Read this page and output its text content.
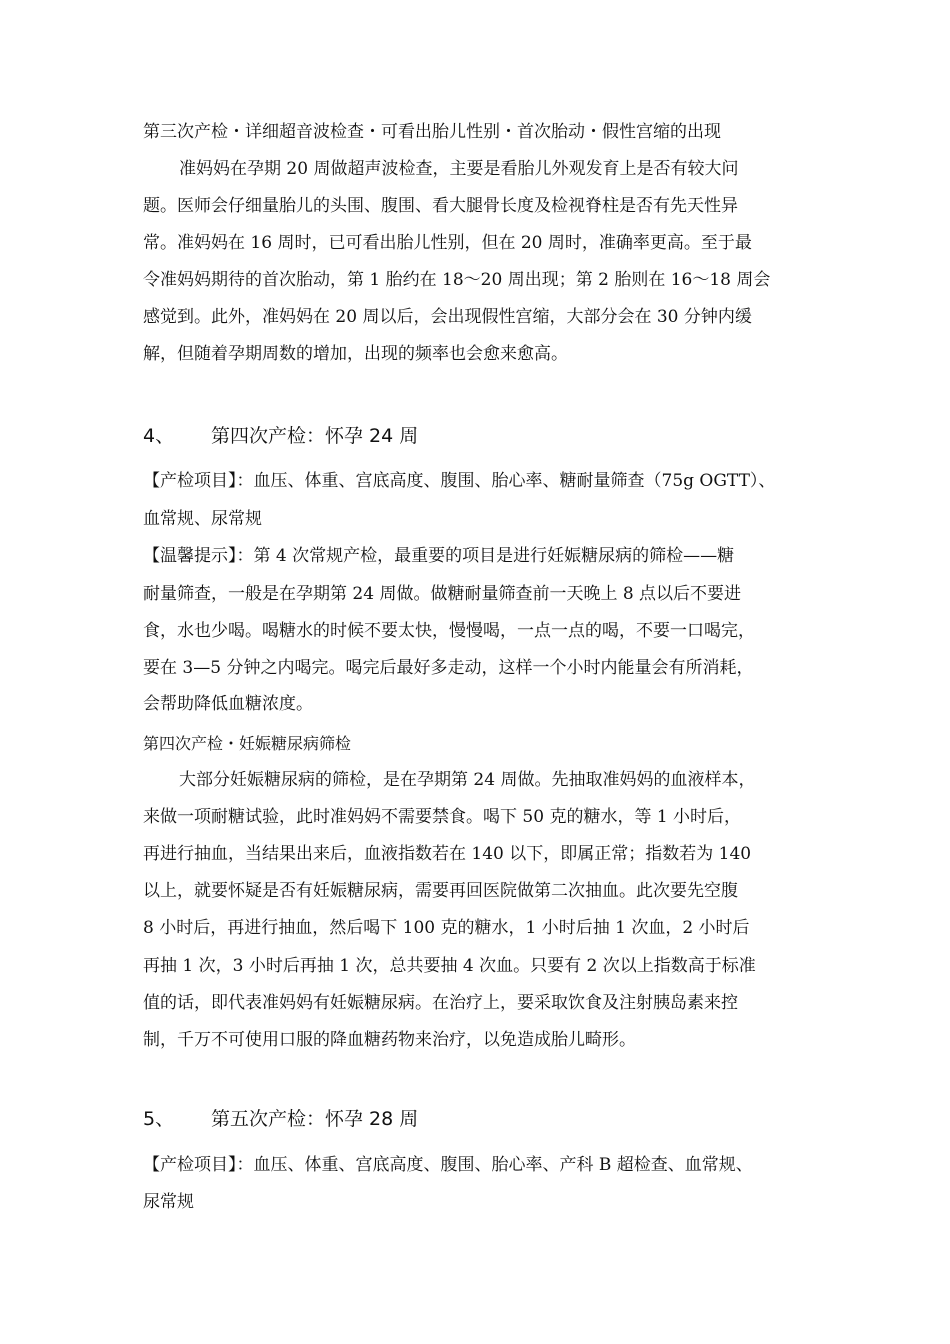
第三次产检・详细超音波检查・可看出胎儿性别・首次胎动・假性宫缩的出现
准妈妈在孕期 20 周做超声波检查，主要是看胎儿外观发育上是否有较大问
题。医师会仔细量胎儿的头围、腹围、看大腿骨长度及检视脊柱是否有先天性异
常。准妈妈在 16 周时，已可看出胎儿性别，但在 20 周时，准确率更高。至于最
令准妈妈期待的首次胎动，第 1 胎约在 18～20 周出现；第 2 胎则在 16～18 周会
感觉到。此外，准妈妈在 20 周以后，会出现假性宫缩，大部分会在 30 分钟内缓
解，但随着孕期周数的增加，出现的频率也会愈来愈高。
4、 第四次产检：怀孕 24 周
【产检项目】：血压、体重、宫底高度、腹围、胎心率、糖耐量筛查（75g OGTT）、
血常规、尿常规
【温馨提示】：第 4 次常规产检，最重要的项目是进行妊娠糖尿病的筛检——糖
耐量筛查，一般是在孕期第 24 周做。做糖耐量筛查前一天晚上 8 点以后不要进
食，水也少喝。喝糖水的时候不要太快，慢慢喝，一点一点的喝，不要一口喝完，
要在 3—5 分钟之内喝完。喝完后最好多走动，这样一个小时内能量会有所消耗，
会帮助降低血糖浓度。
第四次产检・妊娠糖尿病筛检
大部分妊娠糖尿病的筛检，是在孕期第 24 周做。先抽取准妈妈的血液样本，
来做一项耐糖试验，此时准妈妈不需要禁食。喝下 50 克的糖水，等 1 小时后，
再进行抽血，当结果出来后，血液指数若在 140 以下，即属正常；指数若为 140
以上，就要怀疑是否有妊娠糖尿病，需要再回医院做第二次抽血。此次要先空腹
8 小时后，再进行抽血，然后喝下 100 克的糖水，1 小时后抽 1 次血，2 小时后
再抽 1 次，3 小时后再抽 1 次，总共要抽 4 次血。只要有 2 次以上指数高于标准
值的话，即代表准妈妈有妊娠糖尿病。在治疗上，要采取饮食及注射胰岛素来控
制，千万不可使用口服的降血糖药物来治疗，以免造成胎儿畸形。
5、 第五次产检：怀孕 28 周
【产检项目】：血压、体重、宫底高度、腹围、胎心率、产科 B 超检查、血常规、
尿常规
